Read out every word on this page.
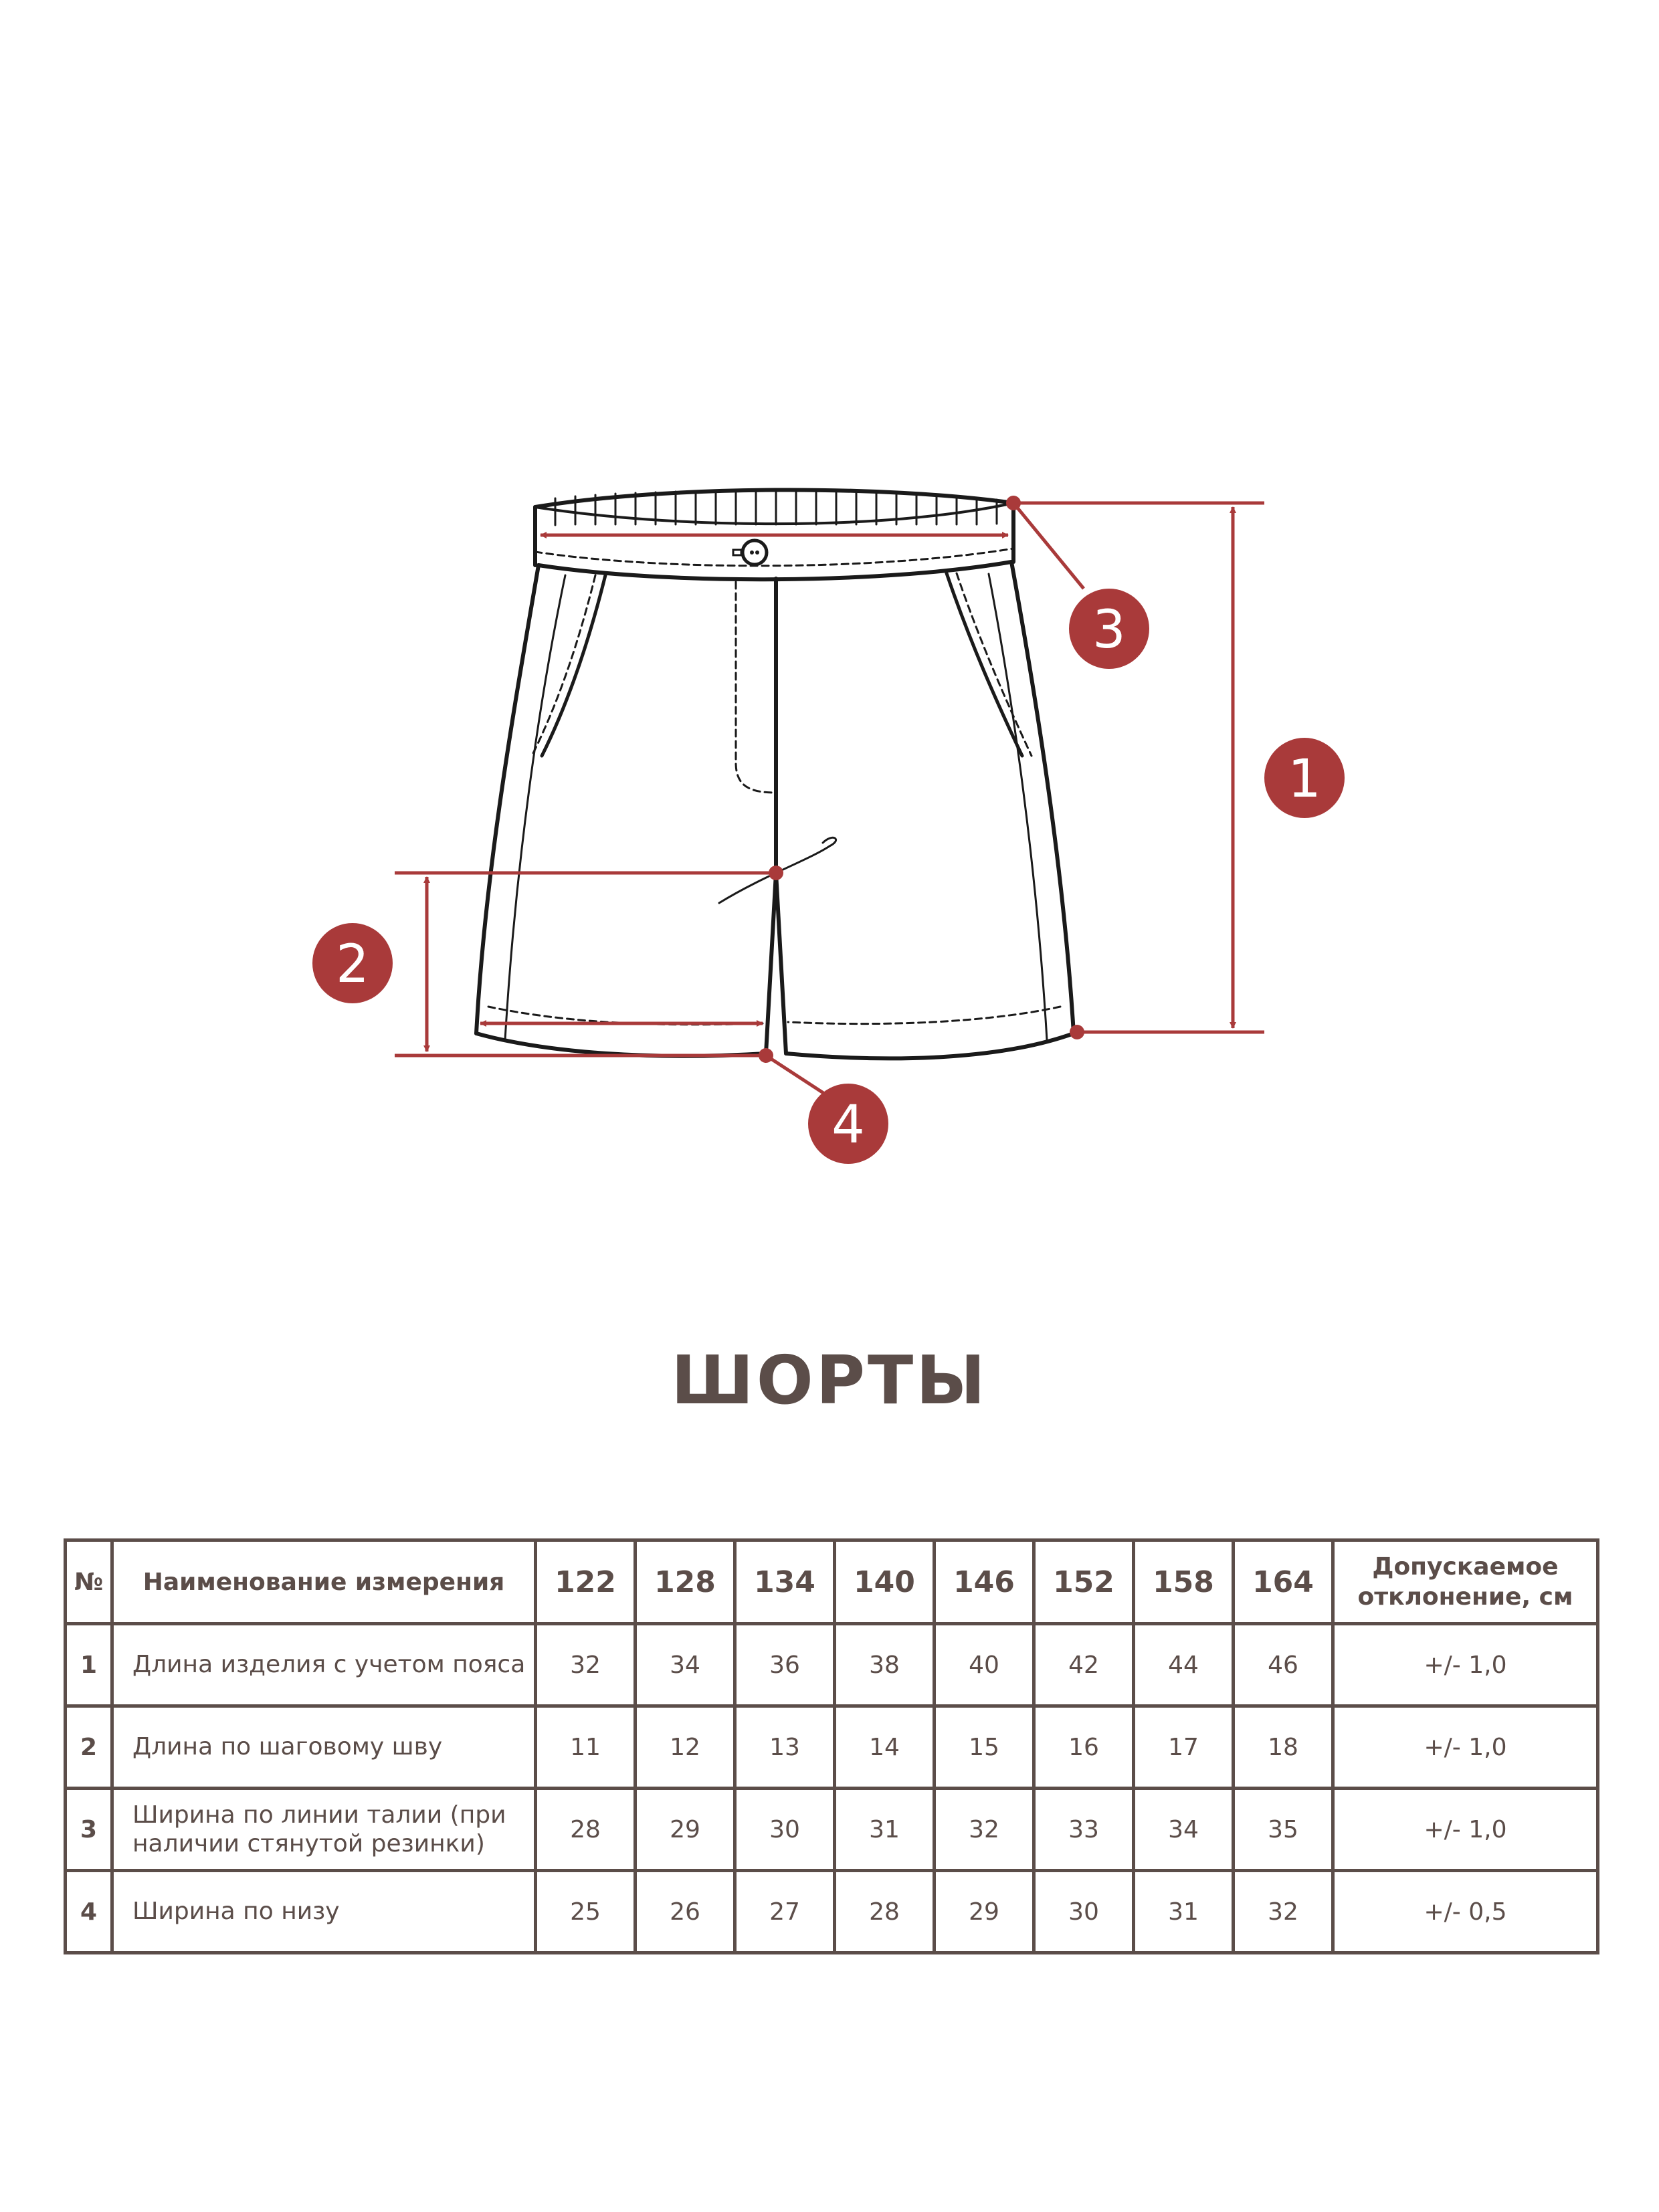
1
2
3
4
ШОРТЫ
№	Наименование измерения	122	128	134	140	146	152	158	164	Допускаемое отклонение, см
1	Длина изделия с учетом пояса	32	34	36	38	40	42	44	46	+/- 1,0
2	Длина по шаговому шву	11	12	13	14	15	16	17	18	+/- 1,0
3	Ширина по линии талии (при наличии стянутой резинки)	28	29	30	31	32	33	34	35	+/- 1,0
4	Ширина по низу	25	26	27	28	29	30	31	32	+/- 0,5
